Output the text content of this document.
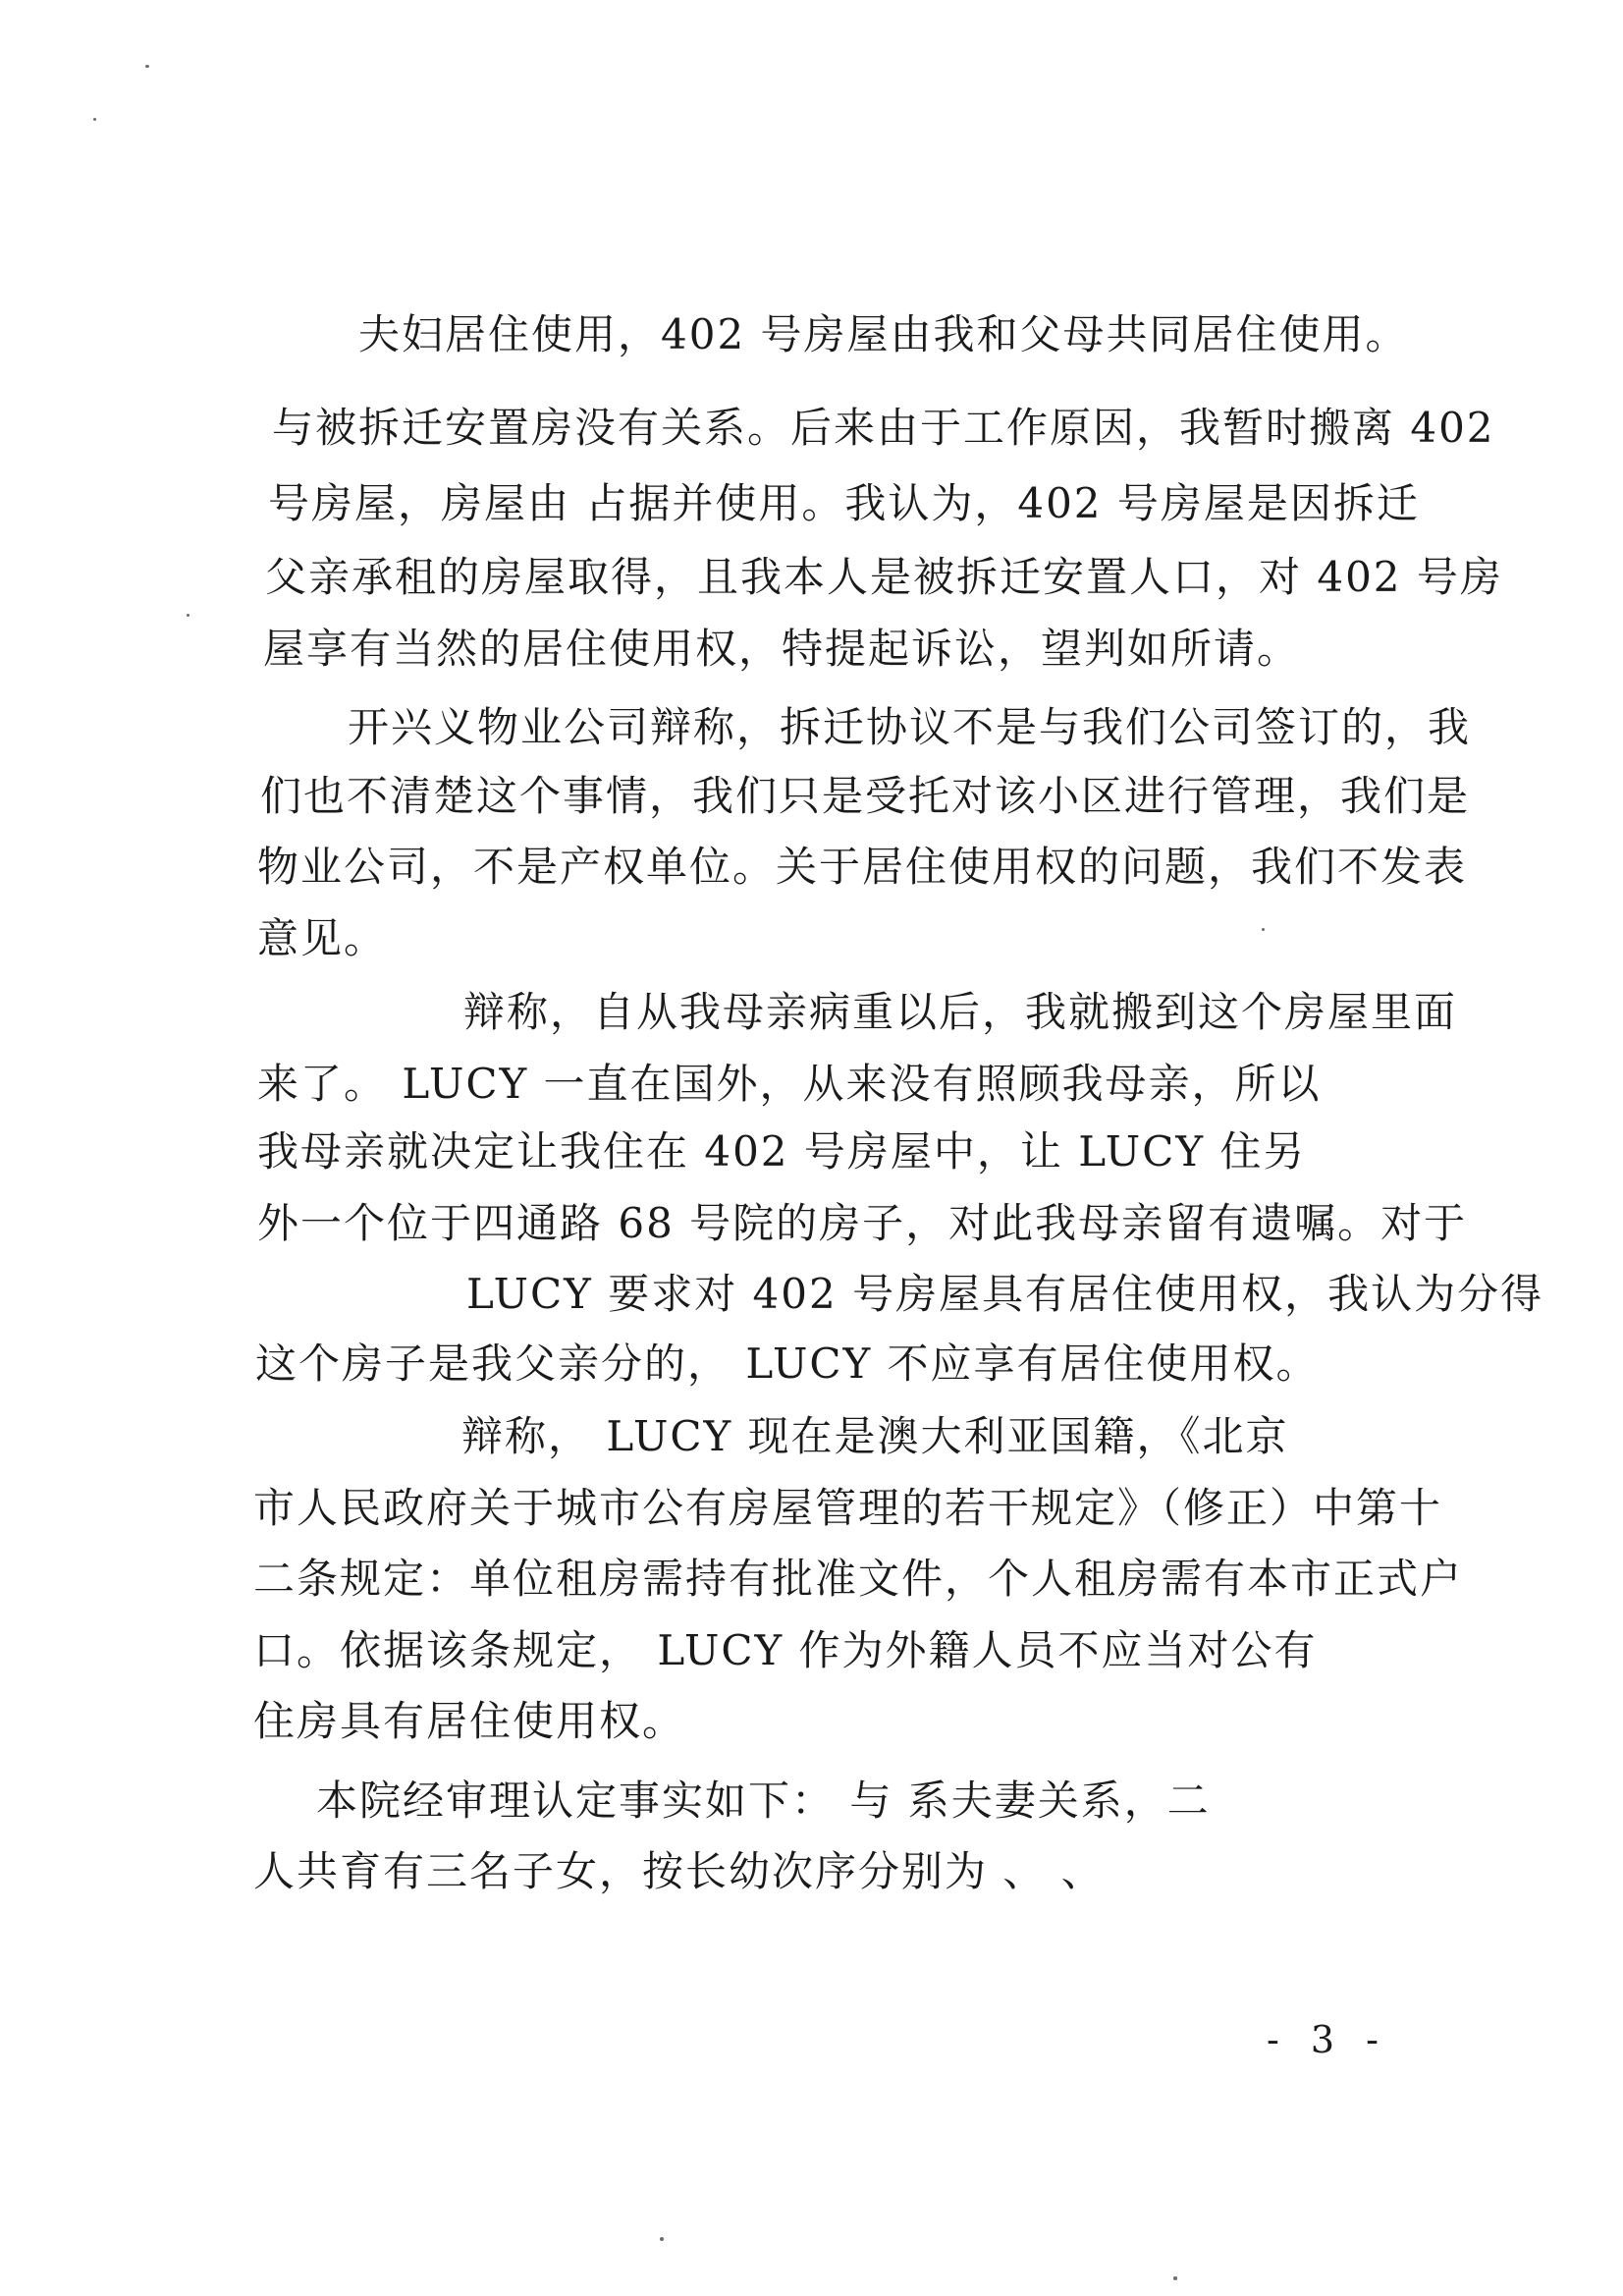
夫妇居住使用，402 号房屋由我和父母共同居住使用。
与被拆迁安置房没有关系。后来由于工作原因，我暂时搬离 402
号房屋，房屋由 占据并使用。我认为，402 号房屋是因拆迁
父亲承租的房屋取得，且我本人是被拆迁安置人口，对 402 号房
屋享有当然的居住使用权，特提起诉讼，望判如所请。
开兴义物业公司辩称，拆迁协议不是与我们公司签订的，我
们也不清楚这个事情，我们只是受托对该小区进行管理，我们是
物业公司，不是产权单位。关于居住使用权的问题，我们不发表
意见。
辩称，自从我母亲病重以后，我就搬到这个房屋里面
来了。 LUCY 一直在国外，从来没有照顾我母亲，所以
我母亲就决定让我住在 402 号房屋中，让 LUCY 住另
外一个位于四通路 68 号院的房子，对此我母亲留有遗嘱。对于
LUCY 要求对 402 号房屋具有居住使用权，我认为分得
这个房子是我父亲分的， LUCY 不应享有居住使用权。
辩称， LUCY 现在是澳大利亚国籍，《北京
市人民政府关于城市公有房屋管理的若干规定》（修正）中第十
二条规定：单位租房需持有批准文件，个人租房需有本市正式户
口。依据该条规定， LUCY 作为外籍人员不应当对公有
住房具有居住使用权。
本院经审理认定事实如下： 与 系夫妻关系，二
人共育有三名子女，按长幼次序分别为 、 、
- 3 -
